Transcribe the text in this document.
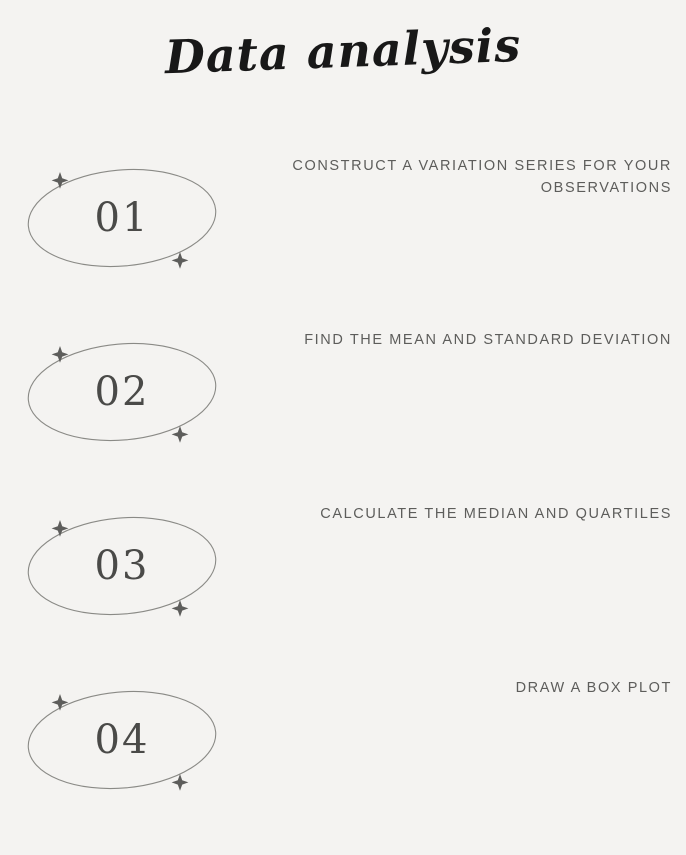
Data analysis
01
CONSTRUCT A VARIATION SERIES FOR YOUR OBSERVATIONS
02
FIND THE MEAN AND STANDARD DEVIATION
03
CALCULATE THE MEDIAN AND QUARTILES
04
DRAW A BOX PLOT
